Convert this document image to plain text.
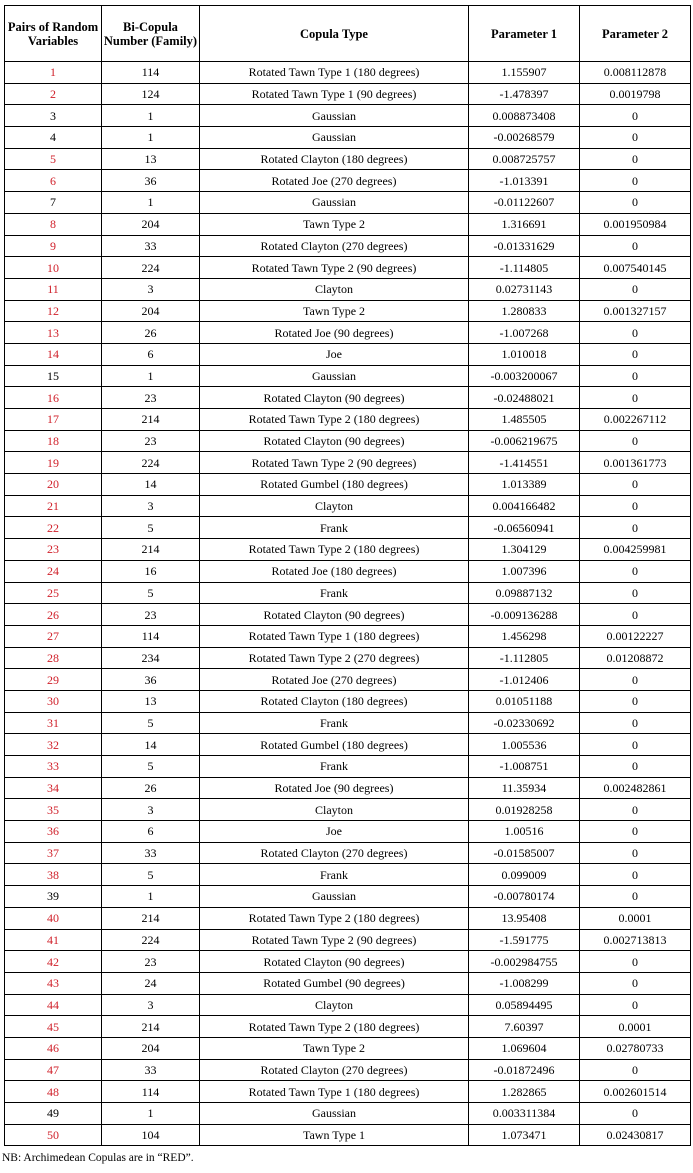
Pairs of Random Variables	Bi-Copula Number (Family)	Copula Type	Parameter 1	Parameter 2
1	114	Rotated Tawn Type 1 (180 degrees)	1.155907	0.008112878
2	124	Rotated Tawn Type 1 (90 degrees)	-1.478397	0.0019798
3	1	Gaussian	0.008873408	0
4	1	Gaussian	-0.00268579	0
5	13	Rotated Clayton (180 degrees)	0.008725757	0
6	36	Rotated Joe (270 degrees)	-1.013391	0
7	1	Gaussian	-0.01122607	0
8	204	Tawn Type 2	1.316691	0.001950984
9	33	Rotated Clayton (270 degrees)	-0.01331629	0
10	224	Rotated Tawn Type 2 (90 degrees)	-1.114805	0.007540145
11	3	Clayton	0.02731143	0
12	204	Tawn Type 2	1.280833	0.001327157
13	26	Rotated Joe (90 degrees)	-1.007268	0
14	6	Joe	1.010018	0
15	1	Gaussian	-0.003200067	0
16	23	Rotated Clayton (90 degrees)	-0.02488021	0
17	214	Rotated Tawn Type 2 (180 degrees)	1.485505	0.002267112
18	23	Rotated Clayton (90 degrees)	-0.006219675	0
19	224	Rotated Tawn Type 2 (90 degrees)	-1.414551	0.001361773
20	14	Rotated Gumbel (180 degrees)	1.013389	0
21	3	Clayton	0.004166482	0
22	5	Frank	-0.06560941	0
23	214	Rotated Tawn Type 2 (180 degrees)	1.304129	0.004259981
24	16	Rotated Joe (180 degrees)	1.007396	0
25	5	Frank	0.09887132	0
26	23	Rotated Clayton (90 degrees)	-0.009136288	0
27	114	Rotated Tawn Type 1 (180 degrees)	1.456298	0.00122227
28	234	Rotated Tawn Type 2 (270 degrees)	-1.112805	0.01208872
29	36	Rotated Joe (270 degrees)	-1.012406	0
30	13	Rotated Clayton (180 degrees)	0.01051188	0
31	5	Frank	-0.02330692	0
32	14	Rotated Gumbel (180 degrees)	1.005536	0
33	5	Frank	-1.008751	0
34	26	Rotated Joe (90 degrees)	11.35934	0.002482861
35	3	Clayton	0.01928258	0
36	6	Joe	1.00516	0
37	33	Rotated Clayton (270 degrees)	-0.01585007	0
38	5	Frank	0.099009	0
39	1	Gaussian	-0.00780174	0
40	214	Rotated Tawn Type 2 (180 degrees)	13.95408	0.0001
41	224	Rotated Tawn Type 2 (90 degrees)	-1.591775	0.002713813
42	23	Rotated Clayton (90 degrees)	-0.002984755	0
43	24	Rotated Gumbel (90 degrees)	-1.008299	0
44	3	Clayton	0.05894495	0
45	214	Rotated Tawn Type 2 (180 degrees)	7.60397	0.0001
46	204	Tawn Type 2	1.069604	0.02780733
47	33	Rotated Clayton (270 degrees)	-0.01872496	0
48	114	Rotated Tawn Type 1 (180 degrees)	1.282865	0.002601514
49	1	Gaussian	0.003311384	0
50	104	Tawn Type 1	1.073471	0.02430817
NB: Archimedean Copulas are in “RED”.
